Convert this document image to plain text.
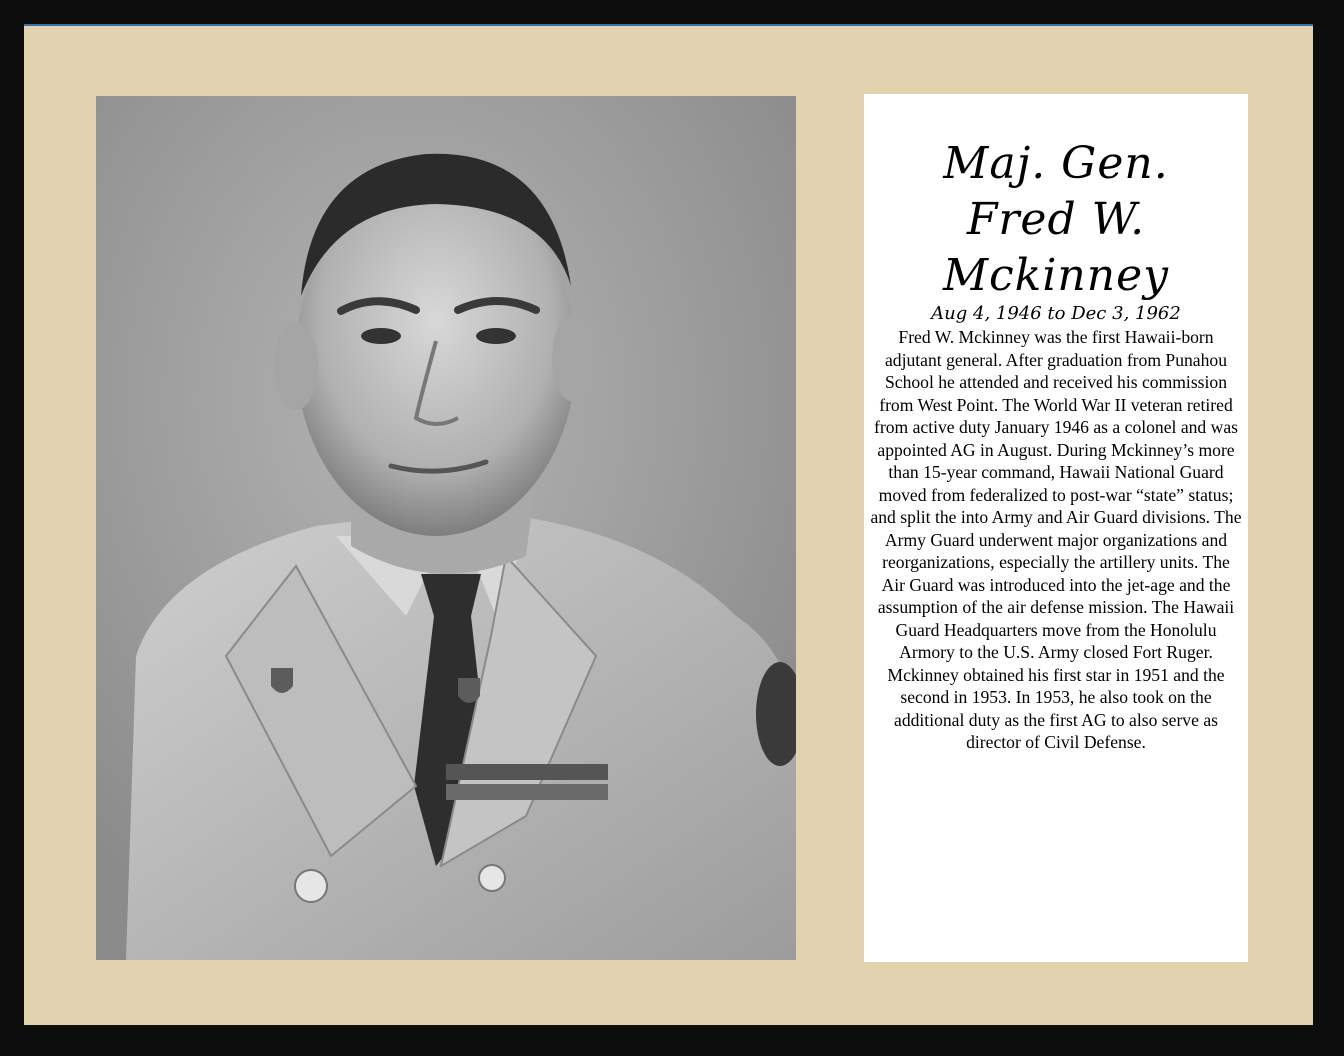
Maj. Gen.
Fred W.
Mckinney
Aug 4, 1946 to Dec 3, 1962
Fred W. Mckinney was the first Hawaii-born adjutant general. After graduation from Punahou School he attended and received his commission from West Point. The World War II veteran retired from active duty January 1946 as a colonel and was appointed AG in August. During Mckinney’s more than 15-year command, Hawaii National Guard moved from federalized to post-war “state” status; and split the into Army and Air Guard divisions. The Army Guard underwent major organizations and reorganizations, especially the artillery units. The Air Guard was introduced into the jet-age and the assumption of the air defense mission. The Hawaii Guard Headquarters move from the Honolulu Armory to the U.S. Army closed Fort Ruger. Mckinney obtained his first star in 1951 and the second in 1953. In 1953, he also took on the additional duty as the first AG to also serve as director of Civil Defense.
